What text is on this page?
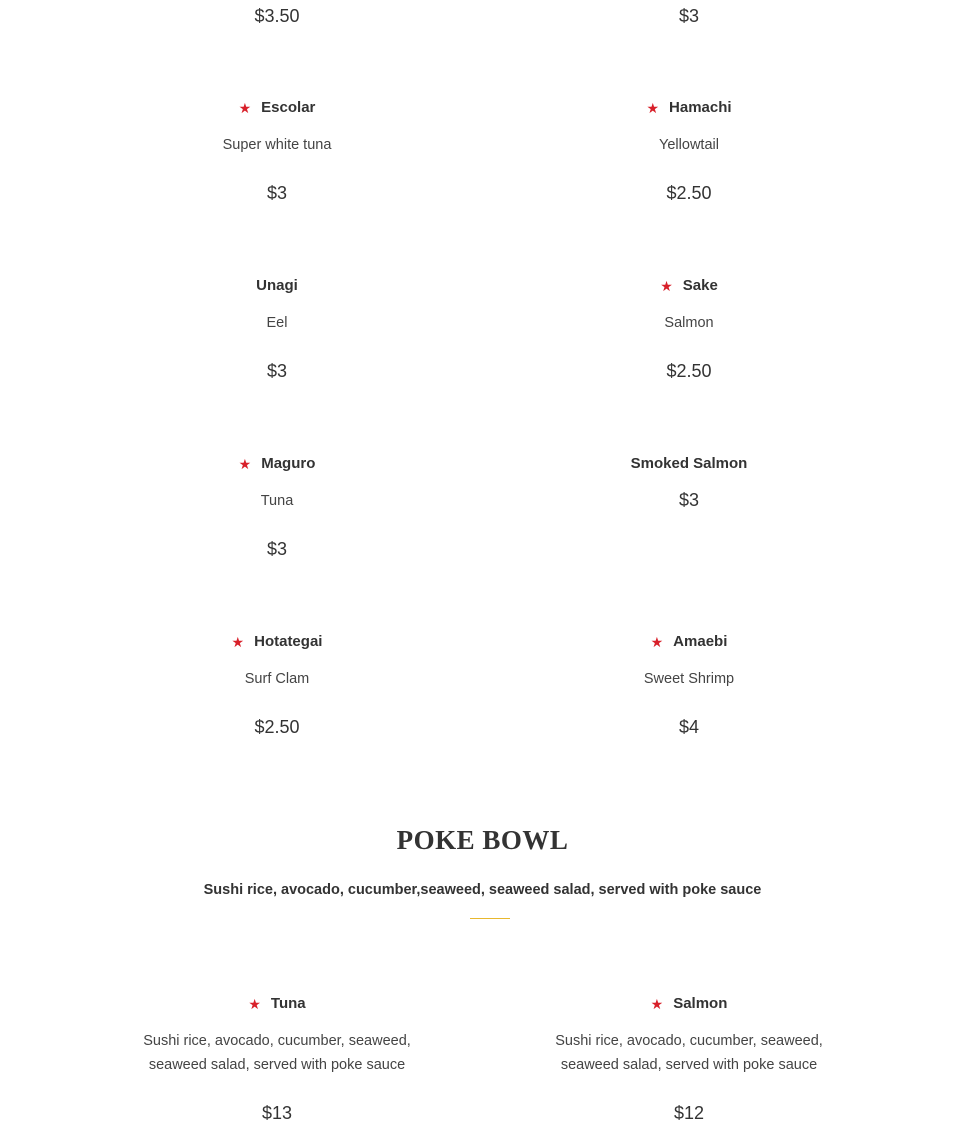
$3.50	$3
★ Escolar
Super white tuna
$3
★ Hamachi
Yellowtail
$2.50
Unagi
Eel
$3
★ Sake
Salmon
$2.50
★ Maguro
Tuna
$3
Smoked Salmon
$3
★ Hotategai
Surf Clam
$2.50
★ Amaebi
Sweet Shrimp
$4
POKE BOWL
Sushi rice, avocado, cucumber,seaweed, seaweed salad, served with poke sauce
★ Tuna
Sushi rice, avocado, cucumber, seaweed, seaweed salad, served with poke sauce
$13
★ Salmon
Sushi rice, avocado, cucumber, seaweed, seaweed salad, served with poke sauce
$12
